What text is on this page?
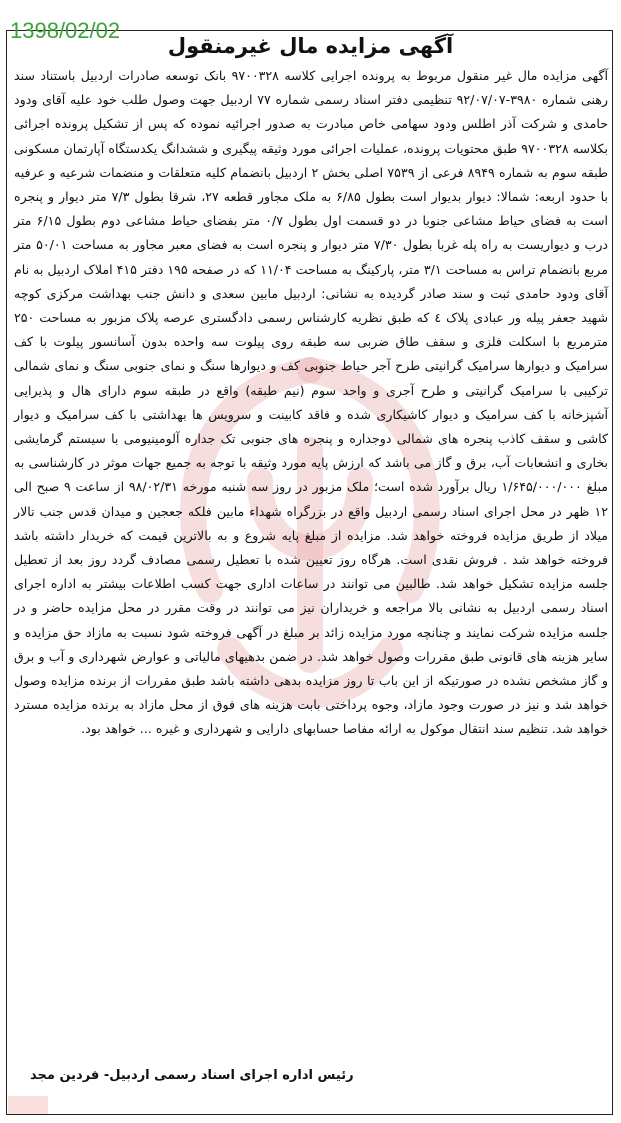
1398/02/02
آگهی مزایده مال غیرمنقول

آگهی مزایده مال غیر منقول مربوط به پرونده اجرایی کلاسه ۹۷۰۰۳۲۸ بانک توسعه صادرات اردبیل باستناد سند رهنی شماره ۳۹۸۰-۹۲/۰۷/۰۷ تنظیمی دفتر اسناد رسمی شماره ۷۷ اردبیل جهت وصول طلب خود علیه آقای ودود حامدی و شرکت آذر اطلس ودود سهامی خاص مبادرت به صدور اجرائیه نموده که پس از تشکیل پرونده اجرائی بکلاسه ۹۷۰۰۳۲۸ طبق محتویات پرونده، عملیات اجرائی مورد وثیقه پیگیری و ششدانگ یکدستگاه آپارتمان مسکونی طبقه سوم به شماره ۸۹۴۹ فرعی از ۷۵۳۹ اصلی بخش ۲ اردبیل بانضمام کلیه متعلقات و منضمات شرعیه و عرفیه با حدود اربعه: شمالا: دیوار بدیوار است بطول ۶/۸۵ به ملک مجاور قطعه ۲۷، شرقا بطول ۷/۳ متر دیوار و پنجره است به فضای حیاط مشاعی جنوبا در دو قسمت اول بطول ۰/۷ متر بفضای حیاط مشاعی دوم بطول ۶/۱۵ متر درب و دیواریست به راه پله غربا بطول ۷/۳۰ متر دیوار و پنجره است به فضای معبر مجاور به مساحت ۵۰/۰۱ متر مربع بانضمام تراس به مساحت ۳/۱ متر، پارکینگ به مساحت ۱۱/۰۴ که در صفحه ۱۹۵ دفتر ۴۱۵ املاک اردبیل به نام آقای ودود حامدی ثبت و سند صادر گردیده به نشانی: اردبیل مابین سعدی و دانش جنب بهداشت مرکزی کوچه شهید جعفر پیله ور عبادی پلاک ٤ که طبق نظریه کارشناس رسمی دادگستری عرصه پلاک مزبور به مساحت ۲۵۰ مترمربع با اسکلت فلزی و سقف طاق ضربی سه طبقه روی پیلوت سه واحده بدون آسانسور پیلوت با کف سرامیک و دیوارها سرامیک گرانیتی طرح آجر حیاط جنوبی کف و دیوارها سنگ و نمای جنوبی سنگ و نمای شمالی ترکیبی با سرامیک گرانیتی و طرح آجری و واحد سوم (نیم طبقه) واقع در طبقه سوم دارای هال و پذیرایی آشپزخانه با کف سرامیک و دیوار کاشیکاری شده و فاقد کابینت و سرویس ها بهداشتی با کف سرامیک و دیوار کاشی و سقف کاذب پنجره های شمالی دوجداره و پنجره های جنوبی تک جداره آلومینیومی با سیستم گرمایشی بخاری و انشعابات آب، برق و گاز می باشد که ارزش پایه مورد وثیقه با توجه به جمیع جهات موثر در کارشناسی به مبلغ ۱/۶۴۵/۰۰۰/۰۰۰ ریال برآورد شده است؛ ملک مزبور در روز سه شنبه مورخه ۹۸/۰۲/۳۱ از ساعت ۹ صبح الی ۱۲ ظهر در محل اجرای اسناد رسمی اردبیل واقع در بزرگراه شهداء مابین فلکه جعجین و میدان قدس جنب تالار میلاد از طریق مزایده فروخته خواهد شد. مزایده از مبلغ پایه شروع و به بالاترین قیمت که خریدار داشته باشد فروخته خواهد شد . فروش نقدی است. هرگاه روز تعیین شده با تعطیل رسمی مصادف گردد روز بعد از تعطیل جلسه مزایده تشکیل خواهد شد. طالبین می توانند در ساعات اداری جهت کسب اطلاعات بیشتر به اداره اجرای اسناد رسمی اردبیل به نشانی بالا مراجعه و خریداران نیز می توانند در وقت مقرر در محل مزایده حاضر و در جلسه مزایده شرکت نمایند و چنانچه مورد مزایده زائد بر مبلغ در آگهی فروخته شود نسبت به مازاد حق مزایده و سایر هزینه های قانونی طبق مقررات وصول خواهد شد. در ضمن بدهیهای مالیاتی و عوارض شهرداری و آب و برق و گاز مشخص نشده در صورتیکه از این باب تا روز مزایده بدهی داشته باشد طبق مقررات از برنده مزایده وصول خواهد شد و نیز در صورت وجود مازاد، وجوه پرداختی بابت هزینه های فوق از محل مازاد به برنده مزایده مسترد خواهد شد. تنظیم سند انتقال موکول به ارائه مفاصا حسابهای دارایی و شهرداری و غیره ... خواهد بود.

رئیس اداره اجرای اسناد رسمی اردبیل- فردین مجد
